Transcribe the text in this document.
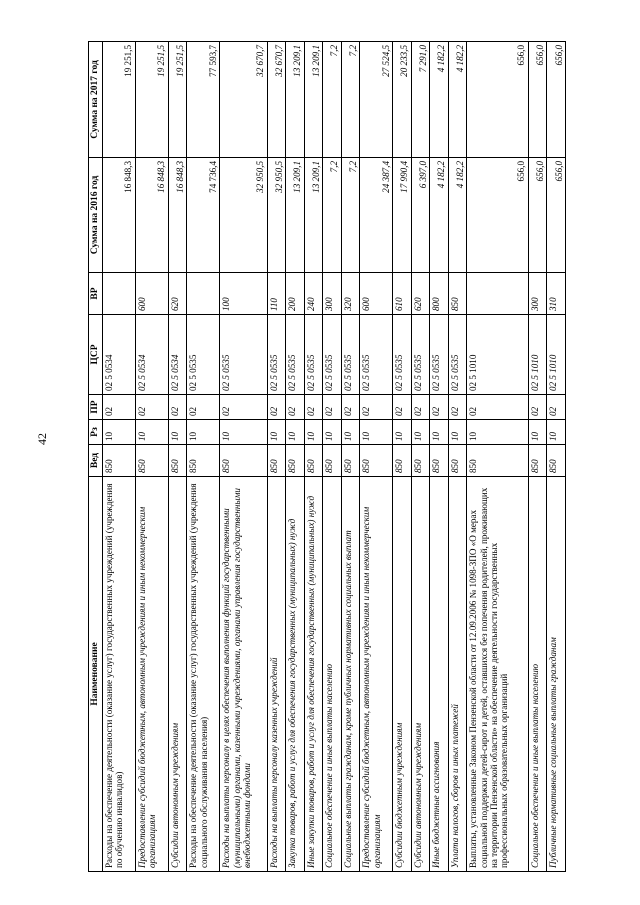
42
Наименование	Вед	Рз	ПР	ЦСР	ВР	Сумма на 2016 год	Сумма на 2017 год
Расходы на обеспечение деятельности (оказание услуг) государственных учреждений (учреждения по обучению инвалидов)	850	10	02	02 5 0534		16 848,3	19 251,5
Предоставление субсидий бюджетным, автономным учреждениям и иным некоммерческим организациям	850	10	02	02 5 0534	600	16 848,3	19 251,5
Субсидии автономным учреждениям	850	10	02	02 5 0534	620	16 848,3	19 251,5
Расходы на обеспечение деятельности (оказание услуг) государственных учреждений (учреждения социального обслуживания населения)	850	10	02	02 5 0535		74 736,4	77 593,7
Расходы на выплаты персоналу в целях обеспечения выполнения функций государственными (муниципальными) органами, казенными учреждениями, органами управления государственными внебюджетными фондами	850	10	02	02 5 0535	100	32 950,5	32 670,7
Расходы на выплаты персоналу казенных учреждений	850	10	02	02 5 0535	110	32 950,5	32 670,7
Закупка товаров, работ и услуг для обеспечения государственных (муниципальных) нужд	850	10	02	02 5 0535	200	13 209,1	13 209,1
Иные закупки товаров, работ и услуг для обеспечения государственных (муниципальных) нужд	850	10	02	02 5 0535	240	13 209,1	13 209,1
Социальное обеспечение и иные выплаты населению	850	10	02	02 5 0535	300	7,2	7,2
Социальные выплаты гражданам, кроме публичных нормативных социальных выплат	850	10	02	02 5 0535	320	7,2	7,2
Предоставление субсидий бюджетным, автономным учреждениям и иным некоммерческим организациям	850	10	02	02 5 0535	600	24 387,4	27 524,5
Субсидии бюджетным учреждениям	850	10	02	02 5 0535	610	17 990,4	20 233,5
Субсидии автономным учреждениям	850	10	02	02 5 0535	620	6 397,0	7 291,0
Иные бюджетные ассигнования	850	10	02	02 5 0535	800	4 182,2	4 182,2
Уплата налогов, сборов и иных платежей	850	10	02	02 5 0535	850	4 182,2	4 182,2
Выплаты, установленные Законом Пензенской области от 12.09.2006 № 1098-ЗПО «О мерах социальной поддержки детей-сирот и детей, оставшихся без попечения родителей, проживающих на территории Пензенской области» на обеспечение деятельности государственных профессиональных образовательных организаций	850	10	02	02 5 1010		656,0	656,0
Социальное обеспечение и иные выплаты населению	850	10	02	02 5 1010	300	656,0	656,0
Публичные нормативные социальные выплаты гражданам	850	10	02	02 5 1010	310	656,0	656,0
